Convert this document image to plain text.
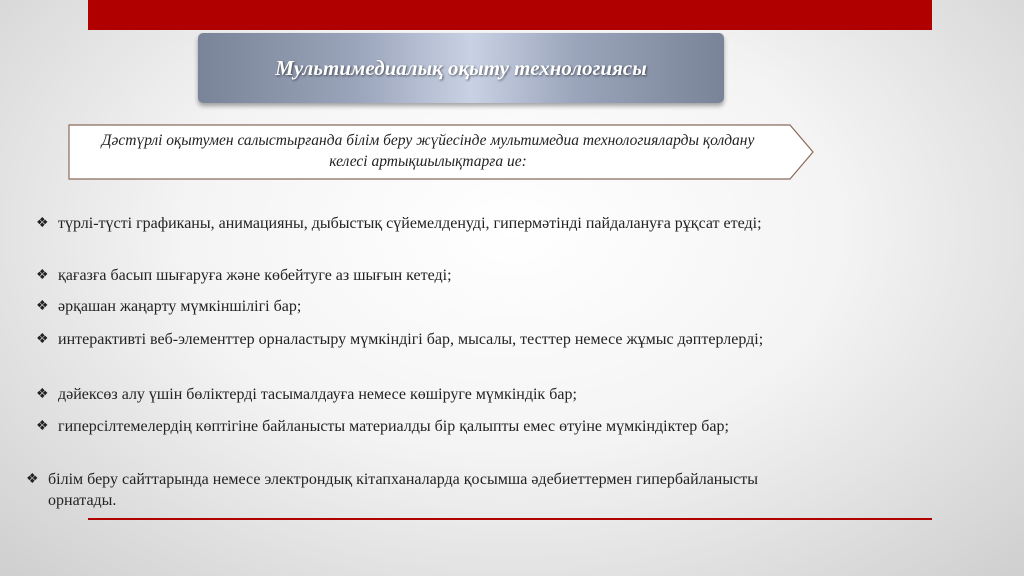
Мультимедиалық оқыту технологиясы
Дәстүрлі оқытумен салыстырғанда білім беру жүйесінде мультимедиа технологияларды қолдану келесі артықшылықтарға ие:
❖ түрлі-түсті графиканы, анимацияны, дыбыстық сүйемелденуді, гипермәтінді пайдалануға рұқсат етеді;
❖ қағазға басып шығаруға және көбейтуге аз шығын кетеді;
❖ әрқашан жаңарту мүмкіншілігі бар;
❖ интерактивті веб-элементтер орналастыру мүмкіндігі бар, мысалы, тесттер немесе жұмыс дәптерлерді;
❖ дәйексөз алу үшін бөліктерді тасымалдауға немесе көшіруге мүмкіндік бар;
❖ гиперсілтемелердің көптігіне байланысты материалды бір қалыпты емес өтуіне мүмкіндіктер бар;
❖ білім беру сайттарында немесе электрондық кітапханаларда қосымша әдебиеттермен гипербайланысты орнатады.
